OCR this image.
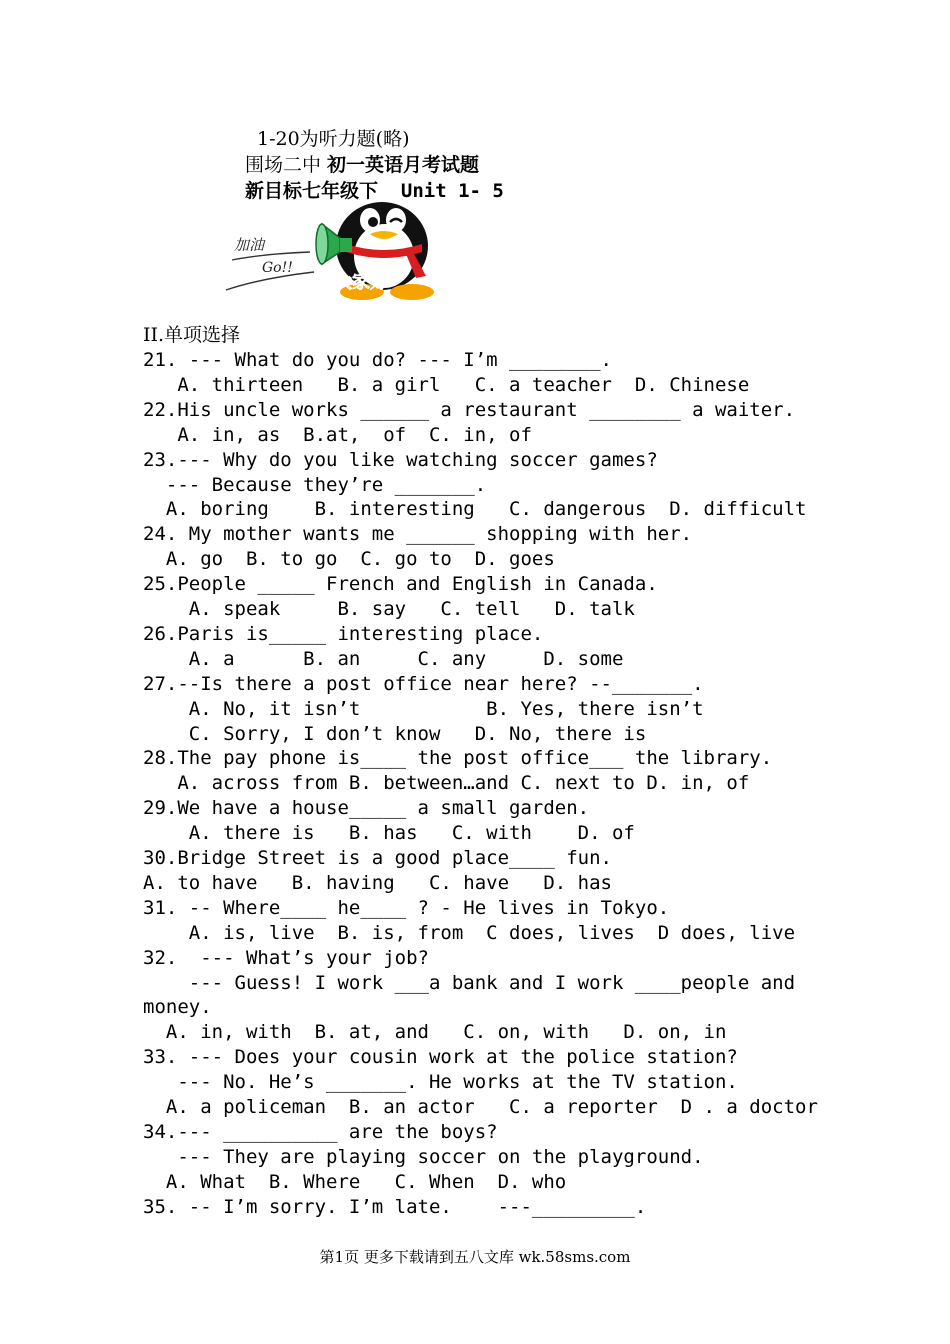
1-20为听力题(略)
围场二中 初一英语月考试题
新目标七年级下  Unit 1- 5
加油
Go!!
大家好
II.单项选择
21. --- What do you do? --- I’m ________.
A. thirteen   B. a girl   C. a teacher  D. Chinese
22.His uncle works ______ a restaurant ________ a waiter.
A. in, as  B.at,  of  C. in, of
23.--- Why do you like watching soccer games?
--- Because they’re _______.
A. boring    B. interesting   C. dangerous  D. difficult
24. My mother wants me ______ shopping with her.
A. go  B. to go  C. go to  D. goes
25.People _____ French and English in Canada.
A. speak     B. say   C. tell   D. talk
26.Paris is_____ interesting place.
A. a      B. an     C. any     D. some
27.--Is there a post office near here? --_______.
A. No, it isn’t           B. Yes, there isn’t
C. Sorry, I don’t know   D. No, there is
28.The pay phone is____ the post office___ the library.
A. across from B. between…and C. next to D. in, of
29.We have a house_____ a small garden.
A. there is   B. has   C. with    D. of
30.Bridge Street is a good place____ fun.
A. to have   B. having   C. have   D. has
31. -- Where____ he____ ? - He lives in Tokyo.
A. is, live  B. is, from  C does, lives  D does, live
32.  --- What’s your job?
--- Guess! I work ___a bank and I work ____people and
money.
A. in, with  B. at, and   C. on, with   D. on, in
33. --- Does your cousin work at the police station?
--- No. He’s _______. He works at the TV station.
A. a policeman  B. an actor   C. a reporter  D . a doctor
34.--- __________ are the boys?
--- They are playing soccer on the playground.
A. What  B. Where   C. When  D. who
35. -- I’m sorry. I’m late.    ---_________.
第1页 更多下载请到五八文库 wk.58sms.com
